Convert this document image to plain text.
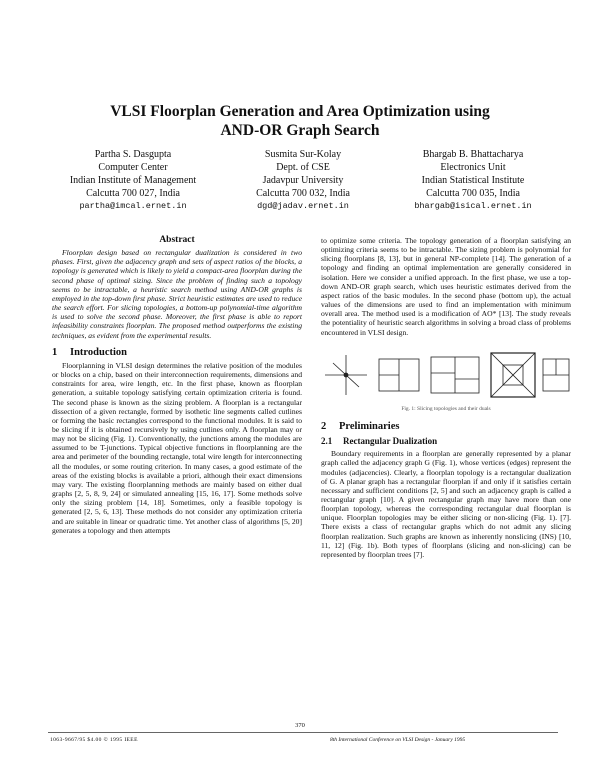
VLSI Floorplan Generation and Area Optimization using
AND-OR Graph Search
Partha S. Dasgupta
Computer Center
Indian Institute of Management
Calcutta 700 027, India
partha@imcal.ernet.in
Susmita Sur-Kolay
Dept. of CSE
Jadavpur University
Calcutta 700 032, India
dgd@jadav.ernet.in
Bhargab B. Bhattacharya
Electronics Unit
Indian Statistical Institute
Calcutta 700 035, India
bhargab@isical.ernet.in
Abstract

Floorplan design based on rectangular dualization is considered in two phases. First, given the adjacency graph and sets of aspect ratios of the blocks, a topology is generated which is likely to yield a compact-area floorplan during the second phase of optimal sizing. Since the problem of finding such a topology seems to be intractable, a heuristic search method using AND-OR graphs is employed in the top-down first phase. Strict heuristic estimates are used to reduce the search effort. For slicing topologies, a bottom-up polynomial-time algorithm is used to solve the second phase. Moreover, the first phase is able to report infeasibility constraints floorplan. The proposed method outperforms the existing techniques, as evident from the experimental results.

1 Introduction

Floorplanning in VLSI design determines the relative position of the modules or blocks on a chip, based on their interconnection requirements, dimensions and constraints for area, wire length, etc. In the first phase, known as floorplan generation, a suitable topology satisfying certain optimization criteria is found. The second phase is known as the sizing problem. A floorplan is a rectangular dissection of a given rectangle, formed by isothetic line segments called cutlines or forming the basic rectangles correspond to the functional modules. It is said to be slicing if it is obtained recursively by using cutlines only. A floorplan may or may not be slicing (Fig. 1). Conventionally, the junctions among the modules are assumed to be T-junctions. Typical objective functions in floorplanning are the area and perimeter of the bounding rectangle, total wire length for interconnecting all the modules, or some routing criterion. In many cases, a good estimate of the areas of the existing blocks is available a priori, although their exact dimensions may vary. The existing floorplanning methods are mainly based on either dual graphs [2, 5, 8, 9, 24] or simulated annealing [15, 16, 17]. Some methods solve only the sizing problem [14, 18]. Sometimes, only a feasible topology is generated [2, 5, 6, 13]. These methods do not consider any optimization criteria and are suitable in linear or quadratic time. Yet another class of algorithms [5, 20] generates a topology and then attempts

to optimize some criteria. The topology generation of a floorplan satisfying an optimizing criteria seems to be intractable. The sizing problem is polynomial for slicing floorplans [8, 13], but in general NP-complete [14]. The generation of a topology and finding an optimal implementation are generally considered in isolation. Here we consider a unified approach. In the first phase, we use a top-down AND-OR graph search, which uses heuristic estimates derived from the aspect ratios of the basic modules. In the second phase (bottom up), the actual values of the dimensions are used to find an implementation with minimum overall area. The method used is a modification of AO* [13]. The study reveals the potentiality of heuristic search algorithms in solving a broad class of problems encountered in VLSI design.

Fig. 1: Slicing topologies and their duals
2 Preliminaries
2.1 Rectangular Dualization

Boundary requirements in a floorplan are generally represented by a planar graph called the adjacency graph G (Fig. 1), whose vertices (edges) represent the modules (adjacencies). Clearly, a floorplan topology is a rectangular dualization of G. A planar graph has a rectangular floorplan if and only if it satisfies certain necessary and sufficient conditions [2, 5] and such an adjacency graph is called a rectangular graph [10]. A given rectangular graph may have more than one floorplan topology, whereas the corresponding rectangular dual floorplan is unique. Floorplan topologies may be either slicing or non-slicing (Fig. 1). [7]. There exists a class of rectangular graphs which do not admit any slicing floorplan realization. Such graphs are known as inherently nonslicing (INS) [10, 11, 12] (Fig. 1b). Both types of floorplans (slicing and non-slicing) can be represented by floorplan trees [7].

370
1063-9667/95 $4.00 © 1995 IEEE	8th International Conference on VLSI Design - January 1995
